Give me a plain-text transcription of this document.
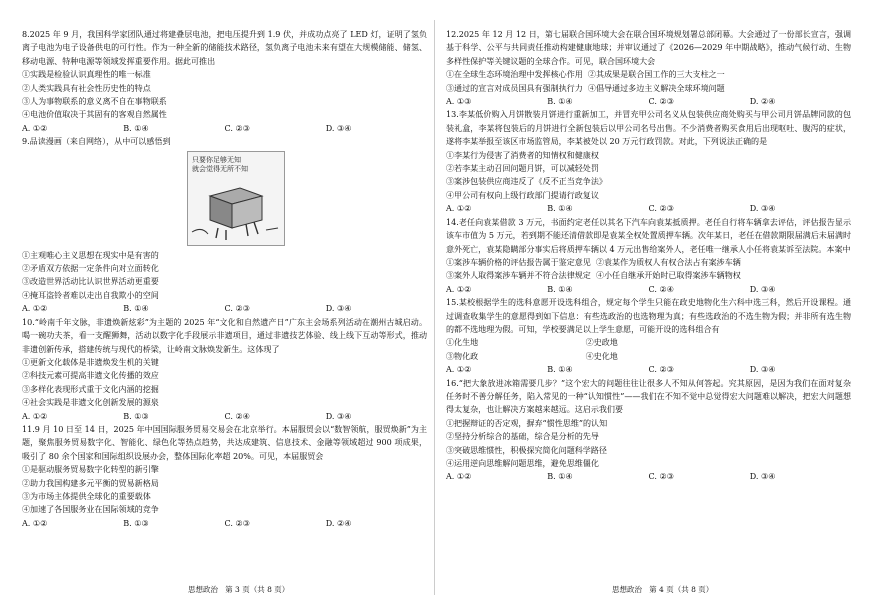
8.2025 年 9 月，我国科学家团队通过将建叠层电池，把电压提升到 1.9 伏，并成功点亮了 LED 灯，证明了氢负离子电池为电子设备供电的可行性。作为一种全新的储能技术路径，氢负离子电池未来有望在大规模储能、储氢、移动电源、特种电源等领域发挥重要作用。据此可推出
①实践是检验认识真理性的唯一标准
②人类实践具有社会性历史性的特点
③人为事物联系的意义离不自在事物联系
④电池价值取决于其固有的客观自然属性
A. ①②	B. ①④	C. ②③	D. ③④
9.品读漫画（来自网络），从中可以感悟到
只要你足够无知
就会觉得无所不知
①主观唯心主义思想在现实中是有害的
②矛盾双方依据一定条件向对立面转化
③改造世界活动比认识世界活动更重要
④掩耳盗铃者难以走出自我欺小的空间
A. ①②	B. ①④	C. ②③	D. ③④
10.“岭南千年文脉，非遗焕新炫彩”为主题的 2025 年“文化和自然遗产日”广东主会场系列活动在潮州古城启动。喝一碗功夫茶，看一支醒狮舞，活动以数字化手段展示非遗项目，通过非遗技艺体验、线上线下互动等形式，推动非遗创新传承，搭建传统与现代的桥梁，让岭南文脉焕发新生。这体现了
①更新文化载体是非遗焕发生机的关键
②科技元素可提高非遗文化传播的效应
③多样化表现形式重于文化内涵的挖掘
④社会实践是非遗文化创新发展的源泉
A. ①②	B. ①③	C. ②④	D. ③④
11.9 月 10 日至 14 日，2025 年中国国际服务贸易交易会在北京举行。本届服贸会以“数智领航，服贸焕新”为主题，聚焦服务贸易数字化、智能化、绿色化等热点趋势，共达成建筑、信息技术、金融等领域超过 900 项成果，吸引了 80 余个国家和国际组织设展办会，整体国际化率超 20%。可见，本届服贸会
①是驱动服务贸易数字化转型的新引擎
②助力我国构建多元平衡的贸易新格局
③为市场主体提供全球化的重要载体
④加速了各国服务业在国际领域的竞争
A. ①②	B. ①③	C. ②③	D. ②④
12.2025 年 12 月 12 日，第七届联合国环境大会在联合国环境规划署总部闭幕。大会通过了一份部长宣言，强调基于科学、公平与共同责任推动构建健康地球；并审议通过了《2026—2029 年中期战略》，推动气候行动、生物多样性保护等关键议题的全球合作。可见，联合国环境大会
①在全球生态环境治理中发挥核心作用  ②其成果是联合国工作的三大支柱之一
③通过的宣言对成员国具有强制执行力  ④倡导通过多边主义解决全球环境问题
A. ①③	B. ①④	C. ②③	D. ②④
13.李某低价购入月饼散装月饼进行重新加工，并冒充甲公司名义从包装供应商处购买与甲公司月饼品牌同款的包装礼盒，李某将包装后的月饼进行全新包装后以甲公司名号出售。不少消费者购买食用后出现呕吐、腹泻的症状，遂将李某举报至该区市场监管局，李某被处以 20 万元行政罚款。对此，下列说法正确的是
①李某行为侵害了消费者的知情权和健康权
②若李某主动召回问题月饼，可以减轻处罚
③案涉包装供应商违反了《反不正当竞争法》
④甲公司有权向上级行政部门提请行政复议
A. ①②	B. ①④	C. ②③	D. ③④
14.老任向袁某借款 3 万元，书面约定老任以其名下汽车向袁某抵质押。老任自行将车辆拿去评估，评估报告显示该车市值为 5 万元，若到期不能还清借款即是袁某全权处置质押车辆。次年某日，老任在借款期限届满后未届满时意外死亡，袁某隐瞒部分事实后将质押车辆以 4 万元出售给案外人，老任唯一继承人小任将袁某诉至法院。本案中
①案涉车辆价格的评估报告属于鉴定意见  ②袁某作为质权人有权合法占有案涉车辆
③案外人取得案涉车辆并不符合法律规定  ④小任自继承开始时已取得案涉车辆物权
A. ①②	B. ①④	C. ②④	D. ③④
15.某校根据学生的选科意愿开设选科组合，规定每个学生只能在政史地物化生六科中选三科，然后开设课程。通过调查收集学生的意愿得到如下信息：有些选政治的也选物理为真；有些选政治的不选生物为假；并非所有选生物的都不选地理为假。可知，学校要满足以上学生意愿，可能开设的选科组合有
①化生地                                          ②史政地
③物化政                                          ④史化地
A. ①②	B. ①④	C. ②③	D. ③④
16.“把大象放进冰箱需要几步？”这个宏大的问题往往让很多人不知从何答起。究其原因，是因为我们在面对复杂任务时不善分解任务，陷入常见的一种“认知惯性”——我们在不知不觉中总觉得宏大问题难以解决，把宏大问题想得太复杂，也让解决方案越来越远。这启示我们要
①把握辩证的否定观，摒弃“惯性思维”的认知
②坚持分析综合的基础，综合是分析的先导
③突破思维惯性，积极探究简化问题科学路径
④运用逆向思维解问题思维，避免思维僵化
A. ①②	B. ①④	C. ②③	D. ③④
思想政治   第 3 页（共 8 页）	思想政治   第 4 页（共 8 页）
